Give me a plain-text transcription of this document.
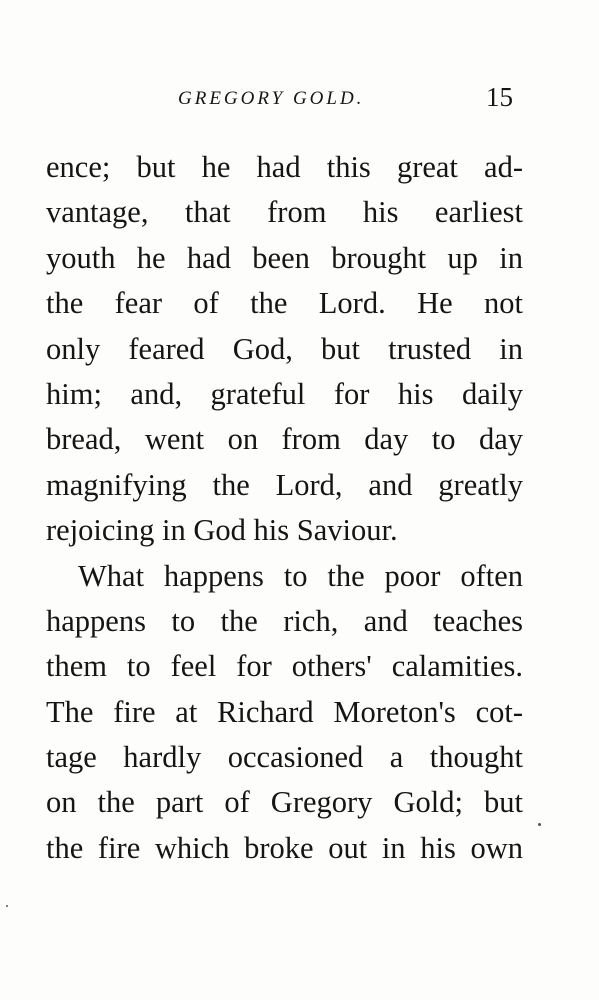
GREGORY GOLD.	15
ence; but he had this great ad-
vantage, that from his earliest
youth he had been brought up in
the fear of the Lord. He not
only feared God, but trusted in
him; and, grateful for his daily
bread, went on from day to day
magnifying the Lord, and greatly
rejoicing in God his Saviour.
What happens to the poor often
happens to the rich, and teaches
them to feel for others' calamities.
The fire at Richard Moreton's cot-
tage hardly occasioned a thought
on the part of Gregory Gold; but
the fire which broke out in his own
